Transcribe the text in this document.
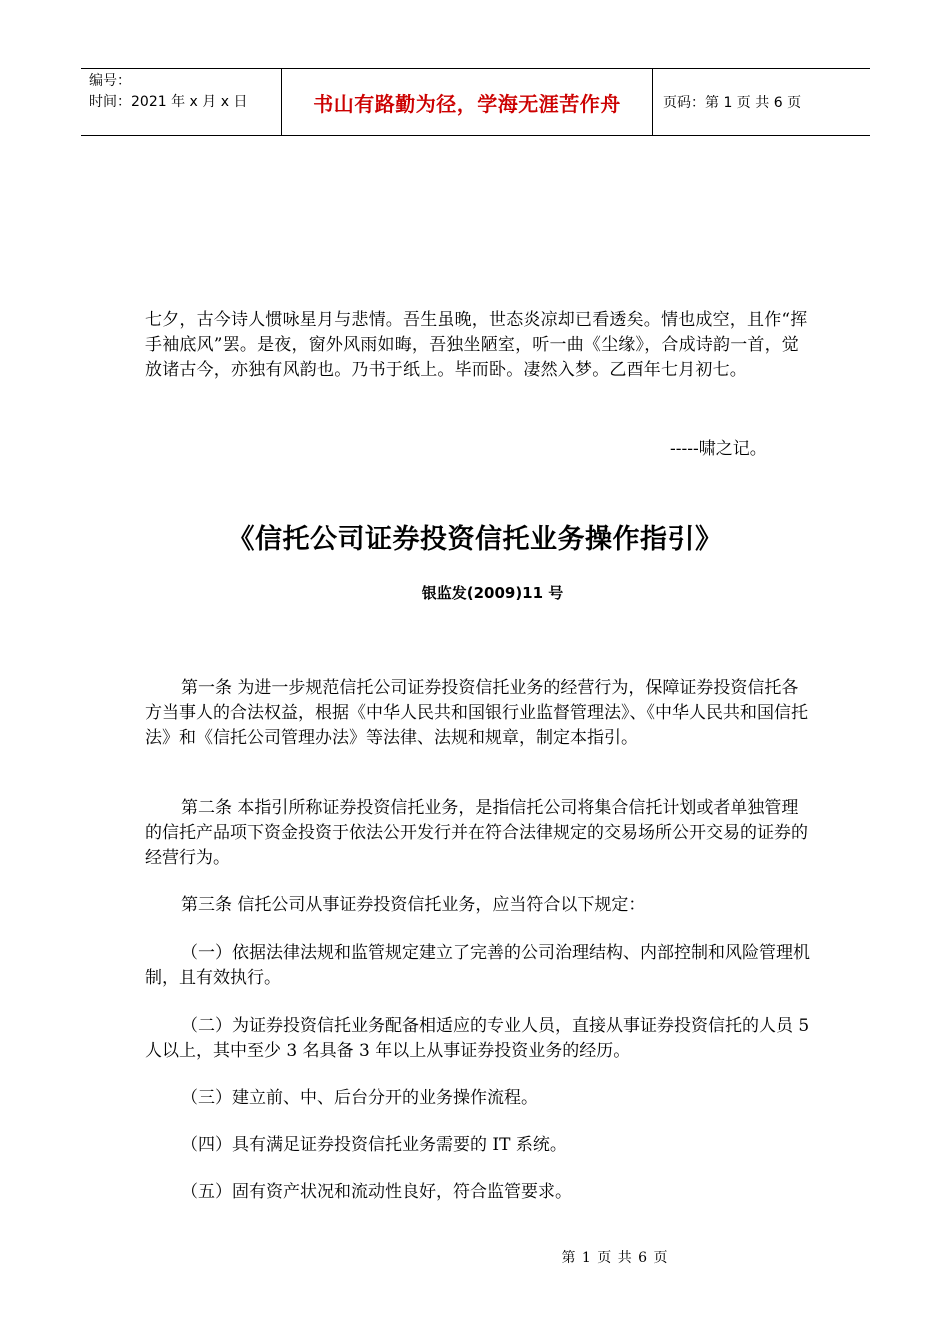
编号：
时间：2021 年 x 月 x 日	书山有路勤为径，学海无涯苦作舟	页码：第 1 页 共 6 页
七夕，古今诗人惯咏星月与悲情。吾生虽晚，世态炎凉却已看透矣。情也成空，且作“挥手袖底风”罢。是夜，窗外风雨如晦，吾独坐陋室，听一曲《尘缘》，合成诗韵一首，觉放诸古今，亦独有风韵也。乃书于纸上。毕而卧。凄然入梦。乙酉年七月初七。
-----啸之记。
《信托公司证券投资信托业务操作指引》
银监发(2009)11 号

第一条 为进一步规范信托公司证券投资信托业务的经营行为，保障证券投资信托各方当事人的合法权益，根据《中华人民共和国银行业监督管理法》、《中华人民共和国信托法》和《信托公司管理办法》等法律、法规和规章，制定本指引。

第二条 本指引所称证券投资信托业务，是指信托公司将集合信托计划或者单独管理的信托产品项下资金投资于依法公开发行并在符合法律规定的交易场所公开交易的证券的经营行为。

第三条 信托公司从事证券投资信托业务，应当符合以下规定：

（一）依据法律法规和监管规定建立了完善的公司治理结构、内部控制和风险管理机制，且有效执行。

（二）为证券投资信托业务配备相适应的专业人员，直接从事证券投资信托的人员 5 人以上，其中至少 3 名具备 3 年以上从事证券投资业务的经历。

（三）建立前、中、后台分开的业务操作流程。

（四）具有满足证券投资信托业务需要的 IT 系统。

（五）固有资产状况和流动性良好，符合监管要求。

第 1 页 共 6 页
